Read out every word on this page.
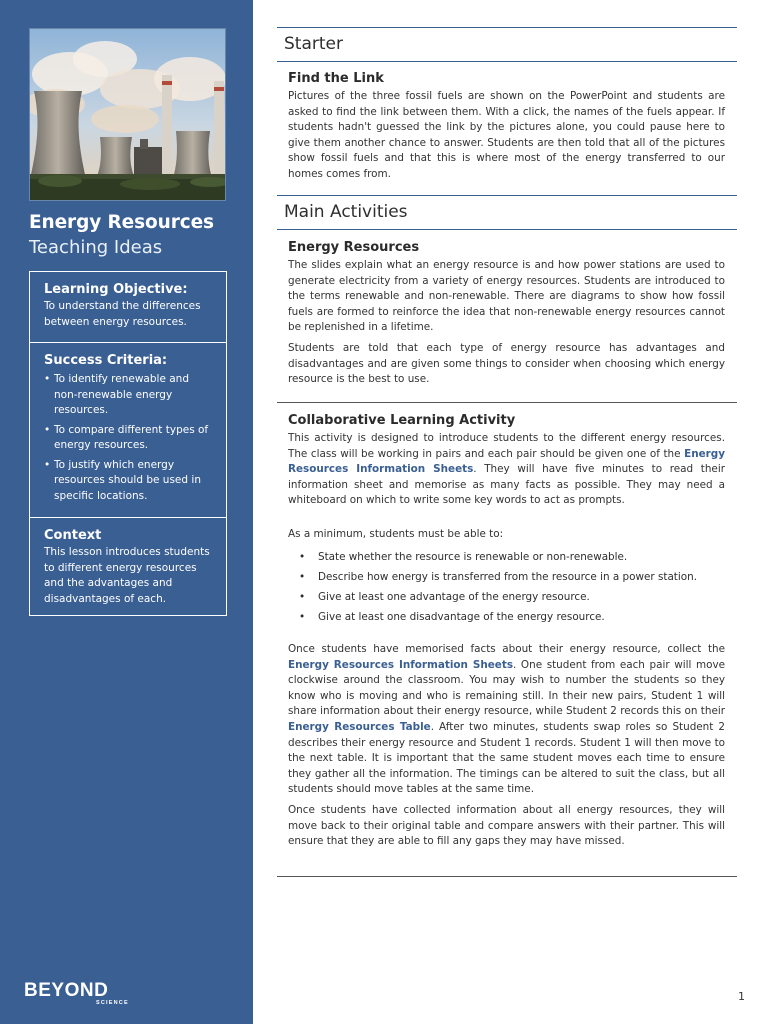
Energy Resources
Teaching Ideas
Learning Objective:
To understand the differences between energy resources.
Success Criteria:
• To identify renewable and non-renewable energy resources.
• To compare different types of energy resources.
• To justify which energy resources should be used in specific locations.
Context
This lesson introduces students to different energy resources and the advantages and disadvantages of each.
BEYOND
SCIENCE
Starter
Find the Link

Pictures of the three fossil fuels are shown on the PowerPoint and students are asked to find the link between them. With a click, the names of the fuels appear. If students hadn't guessed the link by the pictures alone, you could pause here to give them another chance to answer. Students are then told that all of the pictures show fossil fuels and that this is where most of the energy transferred to our homes comes from.

Main Activities
Energy Resources

The slides explain what an energy resource is and how power stations are used to generate electricity from a variety of energy resources. Students are introduced to the terms renewable and non-renewable. There are diagrams to show how fossil fuels are formed to reinforce the idea that non-renewable energy resources cannot be replenished in a lifetime.

Students are told that each type of energy resource has advantages and disadvantages and are given some things to consider when choosing which energy resource is the best to use.

Collaborative Learning Activity

This activity is designed to introduce students to the different energy resources. The class will be working in pairs and each pair should be given one of the Energy Resources Information Sheets. They will have five minutes to read their information sheet and memorise as many facts as possible. They may need a whiteboard on which to write some key words to act as prompts.

As a minimum, students must be able to:

• State whether the resource is renewable or non-renewable.
• Describe how energy is transferred from the resource in a power station.
• Give at least one advantage of the energy resource.
• Give at least one disadvantage of the energy resource.

Once students have memorised facts about their energy resource, collect the Energy Resources Information Sheets. One student from each pair will move clockwise around the classroom. You may wish to number the students so they know who is moving and who is remaining still. In their new pairs, Student 1 will share information about their energy resource, while Student 2 records this on their Energy Resources Table. After two minutes, students swap roles so Student 2 describes their energy resource and Student 1 records. Student 1 will then move to the next table. It is important that the same student moves each time to ensure they gather all the information. The timings can be altered to suit the class, but all students should move tables at the same time.

Once students have collected information about all energy resources, they will move back to their original table and compare answers with their partner. This will ensure that they are able to fill any gaps they may have missed.

1
